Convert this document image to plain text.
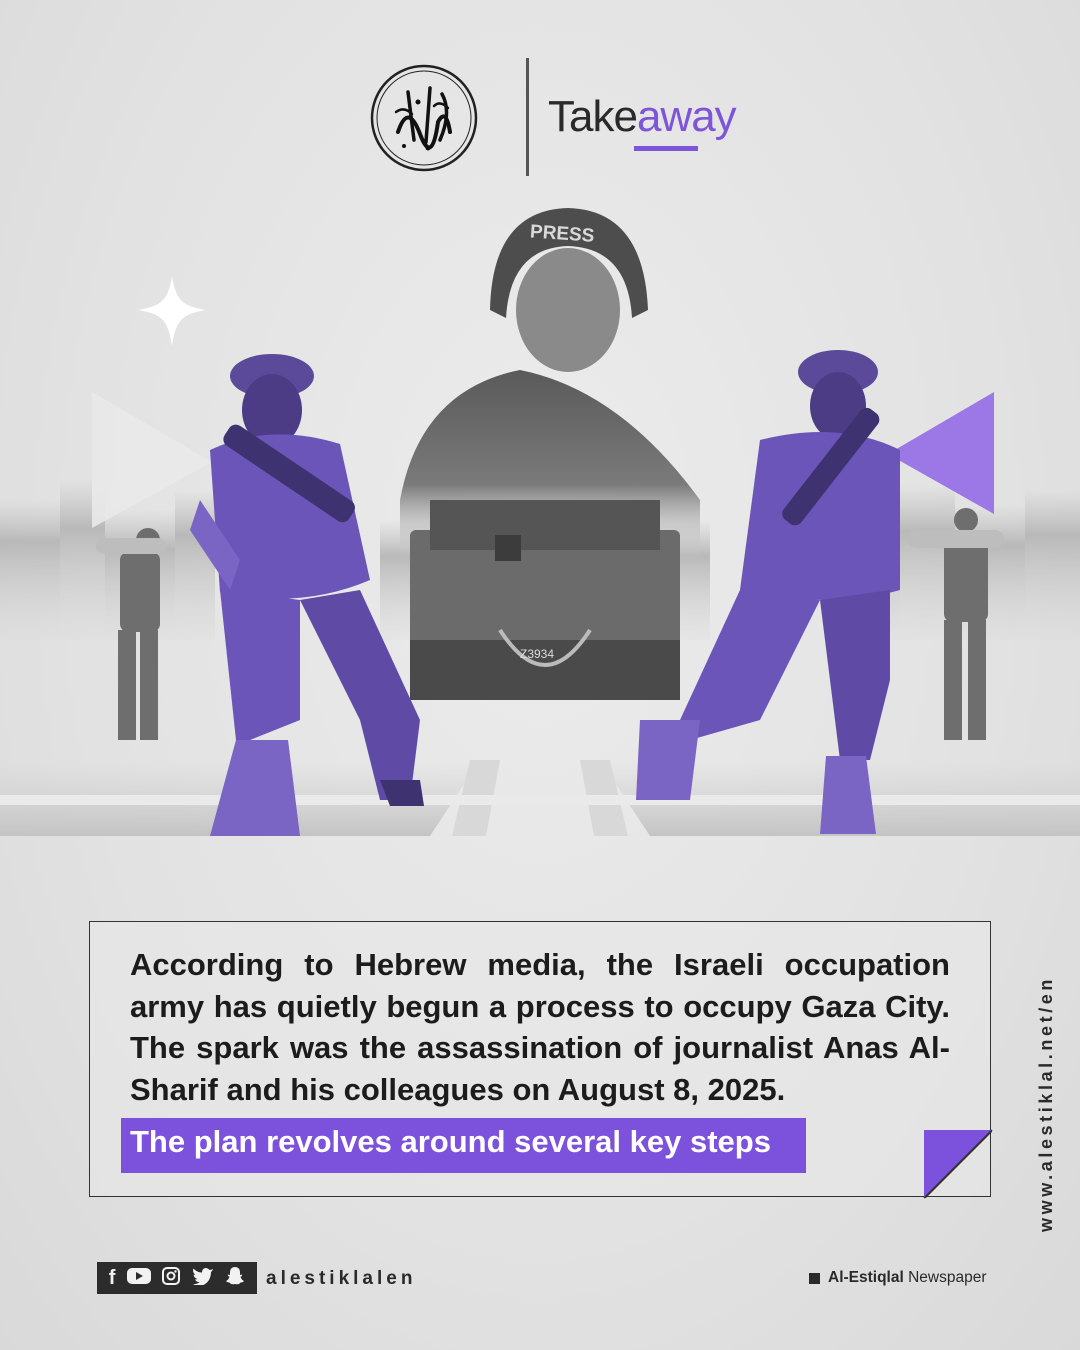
Takeaway
PRESS
Z3934
According to Hebrew media, the Israeli occupation army has quietly begun a process to occupy Gaza City. The spark was the assassination of journalist Anas Al-Sharif and his colleagues on August 8, 2025.
The plan revolves around several key steps	www.alestiklal.net/en
f	alestiklalen	Al-Estiqlal Newspaper
